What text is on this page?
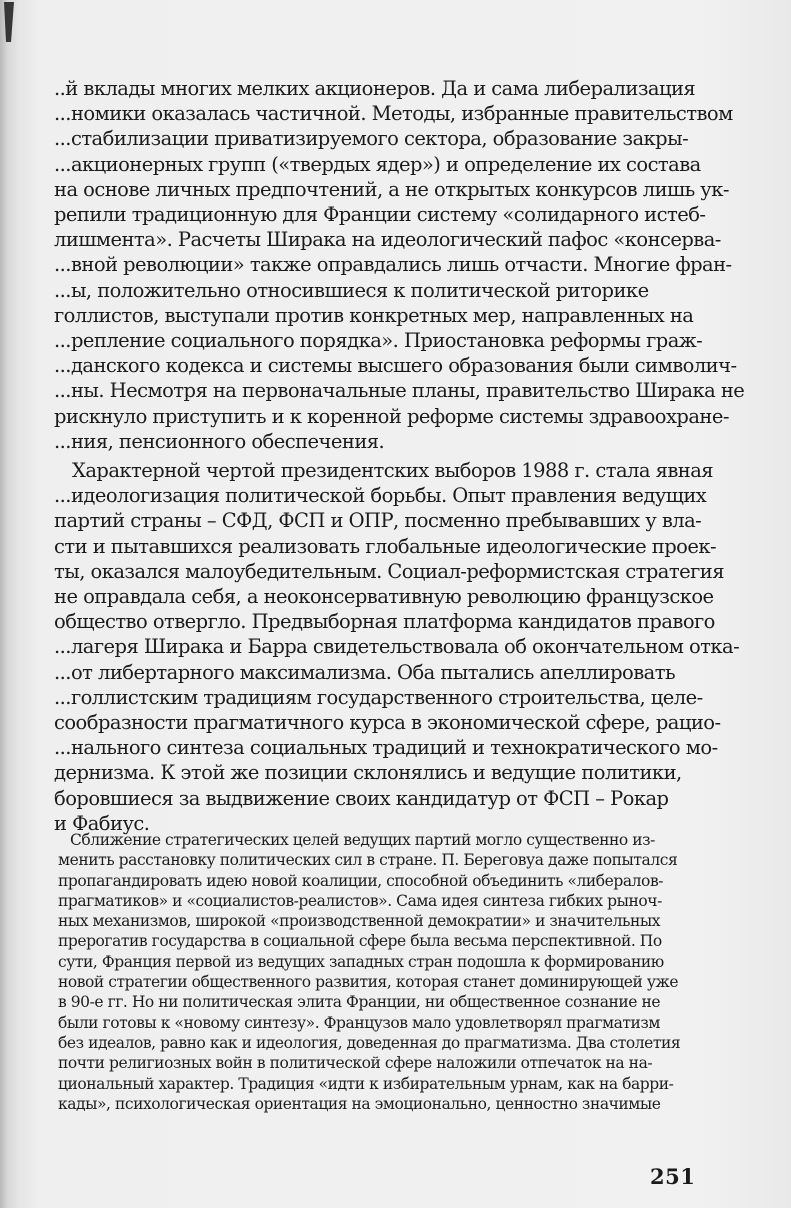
..й вклады многих мелких акционеров. Да и сама либерализация

...номики оказалась частичной. Методы, избранные правительством

...стабилизации приватизируемого сектора, образование закры-

...акционерных групп («твердых ядер») и определение их состава

на основе личных предпочтений, а не открытых конкурсов лишь ук-

репили традиционную для Франции систему «солидарного истеб-

лишмента». Расчеты Ширака на идеологический пафос «консерва-

...вной революции» также оправдались лишь отчасти. Многие фран-

...ы, положительно относившиеся к политической риторике

голлистов, выступали против конкретных мер, направленных на

...репление социального порядка». Приостановка реформы граж-

...данского кодекса и системы высшего образования были символич-

...ны. Несмотря на первоначальные планы, правительство Ширака не

рискнуло приступить и к коренной реформе системы здравоохране-

...ния, пенсионного обеспечения.

Характерной чертой президентских выборов 1988 г. стала явная

...идеологизация политической борьбы. Опыт правления ведущих

партий страны – СФД, ФСП и ОПР, посменно пребывавших у вла-

сти и пытавшихся реализовать глобальные идеологические проек-

ты, оказался малоубедительным. Социал-реформистская стратегия

не оправдала себя, а неоконсервативную революцию французское

общество отвергло. Предвыборная платформа кандидатов правого

...лагеря Ширака и Барра свидетельствовала об окончательном отка-

...от либертарного максимализма. Оба пытались апеллировать

...голлистским традициям государственного строительства, целе-

сообразности прагматичного курса в экономической сфере, рацио-

...нального синтеза социальных традиций и технократического мо-

дернизма. К этой же позиции склонялись и ведущие политики,

боровшиеся за выдвижение своих кандидатур от ФСП – Рокар

и Фабиус.

Сближение стратегических целей ведущих партий могло существенно из-

менить расстановку политических сил в стране. П. Береговуа даже попытался

пропагандировать идею новой коалиции, способной объединить «либералов-

прагматиков» и «социалистов-реалистов». Сама идея синтеза гибких рыноч-

ных механизмов, широкой «производственной демократии» и значительных

прерогатив государства в социальной сфере была весьма перспективной. По

сути, Франция первой из ведущих западных стран подошла к формированию

новой стратегии общественного развития, которая станет доминирующей уже

в 90-е гг. Но ни политическая элита Франции, ни общественное сознание не

были готовы к «новому синтезу». Французов мало удовлетворял прагматизм

без идеалов, равно как и идеология, доведенная до прагматизма. Два столетия

почти религиозных войн в политической сфере наложили отпечаток на на-

циональный характер. Традиция «идти к избирательным урнам, как на барри-

кады», психологическая ориентация на эмоционально, ценностно значимые

251
